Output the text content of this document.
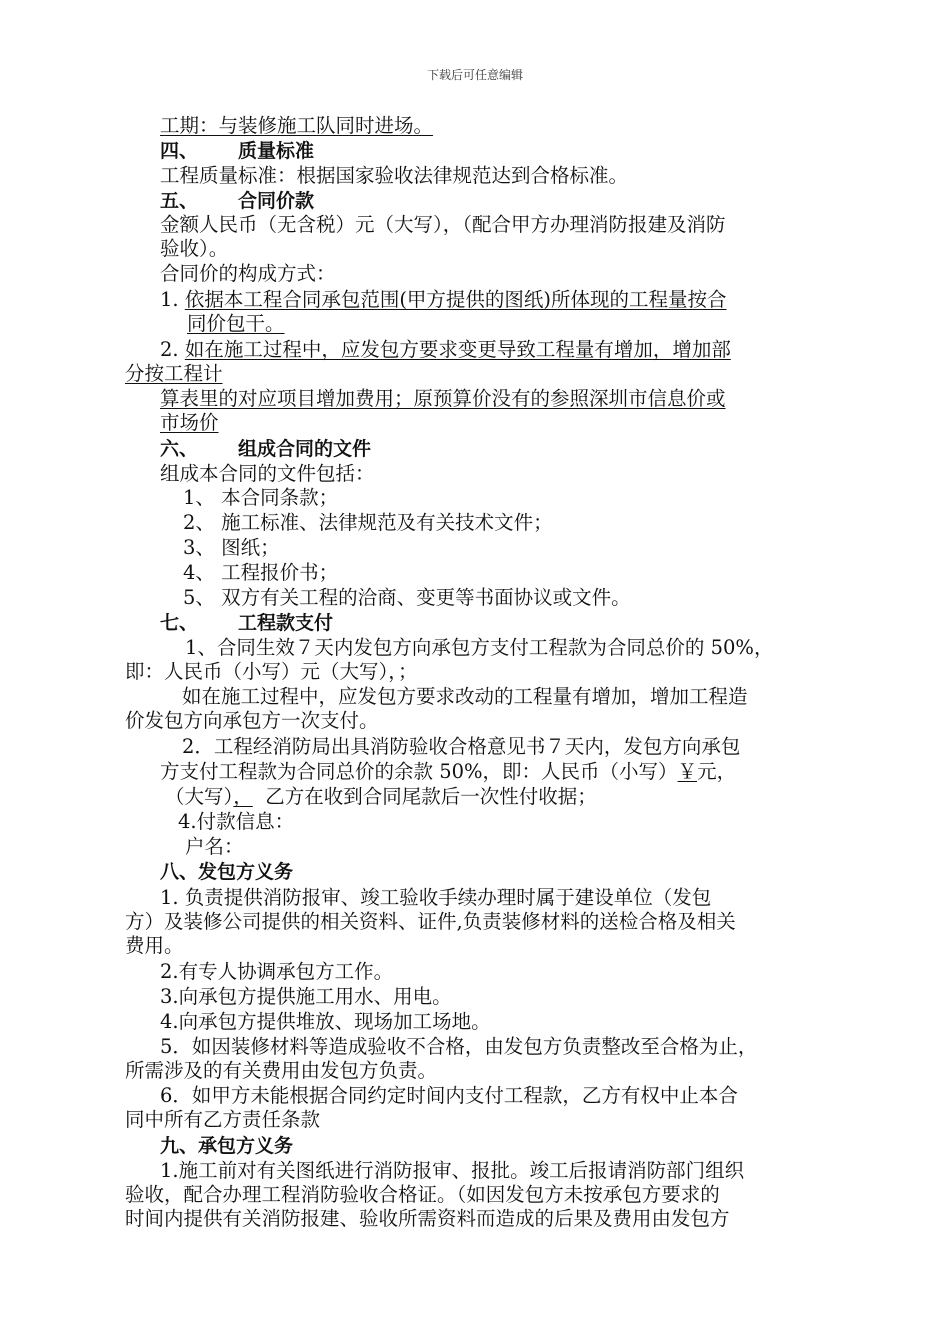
下载后可任意编辑
工期：与装修施工队同时进场。
四、 质量标准
工程质量标准：根据国家验收法律规范达到合格标准。
五、 合同价款
金额人民币（无含税）元（大写），（配合甲方办理消防报建及消防
验收）。
合同价的构成方式：
1. 依据本工程合同承包范围(甲方提供的图纸)所体现的工程量按合
同价包干。
2. 如在施工过程中，应发包方要求变更导致工程量有增加，增加部
分按工程计
算表里的对应项目增加费用；原预算价没有的参照深圳市信息价或
市场价
六、 组成合同的文件
组成本合同的文件包括：
1、 本合同条款；
2、 施工标准、法律规范及有关技术文件；
3、 图纸；
4、 工程报价书；
5、 双方有关工程的洽商、变更等书面协议或文件。
七、 工程款支付
1、合同生效７天内发包方向承包方支付工程款为合同总价的 50%，
即：人民币（小写）元（大写），；
如在施工过程中，应发包方要求改动的工程量有增加，增加工程造
价发包方向承包方一次支付。
2．工程经消防局出具消防验收合格意见书７天内，发包方向承包
方支付工程款为合同总价的余款 50%，即：人民币（小写）￥元，
（大写）， 乙方在收到合同尾款后一次性付收据；
4.付款信息：
户名：
八、发包方义务
1. 负责提供消防报审、竣工验收手续办理时属于建设单位（发包
方）及装修公司提供的相关资料、证件,负责装修材料的送检合格及相关
费用。
2.有专人协调承包方工作。
3.向承包方提供施工用水、用电。
4.向承包方提供堆放、现场加工场地。
5．如因装修材料等造成验收不合格，由发包方负责整改至合格为止，
所需涉及的有关费用由发包方负责。
6．如甲方未能根据合同约定时间内支付工程款，乙方有权中止本合
同中所有乙方责任条款
九、承包方义务
1.施工前对有关图纸进行消防报审、报批。竣工后报请消防部门组织
验收，配合办理工程消防验收合格证。（如因发包方未按承包方要求的
时间内提供有关消防报建、验收所需资料而造成的后果及费用由发包方
